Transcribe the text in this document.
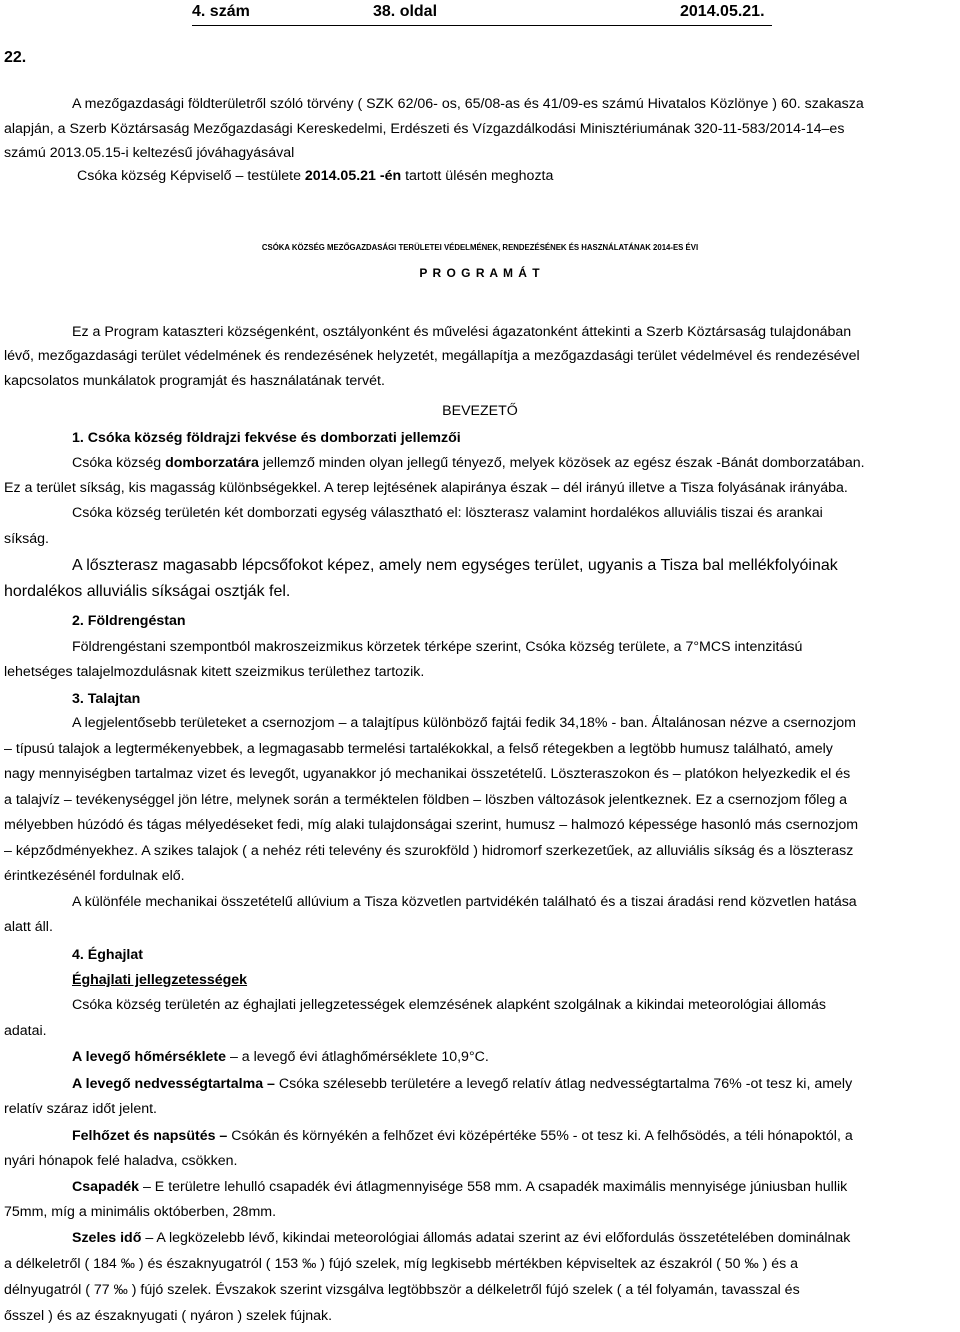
4. szám	38. oldal	2014.05.21.
22.
A mezőgazdasági földterületről szóló törvény ( SZK 62/06- os, 65/08-as és 41/09-es számú Hivatalos Közlönye ) 60. szakasza
alapján, a Szerb Köztársaság Mezőgazdasági Kereskedelmi, Erdészeti és Vízgazdálkodási Minisztériumának 320-11-583/2014-14–es
számú 2013.05.15-i keltezésű jóváhagyásával
Csóka község Képviselő – testülete 2014.05.21 -én tartott ülésén meghozta
CSÓKA KÖZSÉG MEZŐGAZDASÁGI TERÜLETEI VÉDELMÉNEK, RENDEZÉSÉNEK ÉS HASZNÁLATÁNAK 2014-ES ÉVI
P R O G R A M Á T
Ez a Program kataszteri községenként, osztályonként és művelési ágazatonként áttekinti a Szerb Köztársaság tulajdonában
lévő, mezőgazdasági terület védelmének és rendezésének helyzetét, megállapítja a mezőgazdasági terület védelmével és rendezésével
kapcsolatos munkálatok programját és használatának tervét.
BEVEZETŐ
1. Csóka község földrajzi fekvése és domborzati jellemzői
Csóka község domborzatára jellemző minden olyan jellegű tényező, melyek közösek az egész észak -Bánát domborzatában.
Ez a terület síkság, kis magasság különbségekkel. A terep lejtésének alapiránya észak – dél irányú illetve a Tisza folyásának irányába.
Csóka község területén két domborzati egység választható el: löszterasz valamint hordalékos alluviális tiszai és arankai
síkság.
A lőszterasz magasabb lépcsőfokot képez, amely nem egységes terület, ugyanis a Tisza bal mellékfolyóinak
hordalékos alluviális síkságai osztják fel.
2. Földrengéstan
Földrengéstani szempontból makroszeizmikus körzetek térképe szerint, Csóka község területe, a 7°MCS intenzitású
lehetséges talajelmozdulásnak kitett szeizmikus területhez tartozik.
3. Talajtan
A legjelentősebb területeket a csernozjom – a talajtípus különböző fajtái fedik 34,18% - ban. Általánosan nézve a csernozjom
– típusú talajok a legtermékenyebbek, a legmagasabb termelési tartalékokkal, a felső rétegekben a legtöbb humusz található, amely
nagy mennyiségben tartalmaz vizet és levegőt, ugyanakkor jó mechanikai összetételű. Löszteraszokon és – platókon helyezkedik el és
a talajvíz – tevékenységgel jön létre, melynek során a terméktelen földben – löszben változások jelentkeznek. Ez a csernozjom főleg a
mélyebben húzódó és tágas mélyedéseket fedi, míg alaki tulajdonságai szerint, humusz – halmozó képessége hasonló más csernozjom
– képződményekhez. A szikes talajok ( a nehéz réti televény és szurokföld ) hidromorf szerkezetűek, az alluviális síkság és a löszterasz
érintkezésénél fordulnak elő.
A különféle mechanikai összetételű allúvium a Tisza közvetlen partvidékén található és a tiszai áradási rend közvetlen hatása
alatt áll.
4. Éghajlat
Éghajlati jellegzetességek
Csóka község területén az éghajlati jellegzetességek elemzésének alapként szolgálnak a kikindai meteorológiai állomás
adatai.
A levegő hőmérséklete – a levegő évi átlaghőmérséklete 10,9°C.
A levegő nedvességtartalma – Csóka szélesebb területére a levegő relatív átlag nedvességtartalma 76% -ot tesz ki, amely
relatív száraz időt jelent.
Felhőzet és napsütés – Csókán és környékén a felhőzet évi középértéke 55% - ot tesz ki. A felhősödés, a téli hónapoktól, a
nyári hónapok felé haladva, csökken.
Csapadék – E területre lehulló csapadék évi átlagmennyisége 558 mm. A csapadék maximális mennyisége júniusban hullik
75mm, míg a minimális októberben, 28mm.
Szeles idő – A legközelebb lévő, kikindai meteorológiai állomás adatai szerint az évi előfordulás összetételében dominálnak
a délkeletről ( 184 ‰ ) és északnyugatról ( 153 ‰ ) fújó szelek, míg legkisebb mértékben képviseltek az északról ( 50 ‰ ) és a
délnyugatról ( 77 ‰ ) fújó szelek. Évszakok szerint vizsgálva legtöbbször a délkeletről fújó szelek ( a tél folyamán, tavasszal és
ősszel ) és az északnyugati ( nyáron ) szelek fújnak.
